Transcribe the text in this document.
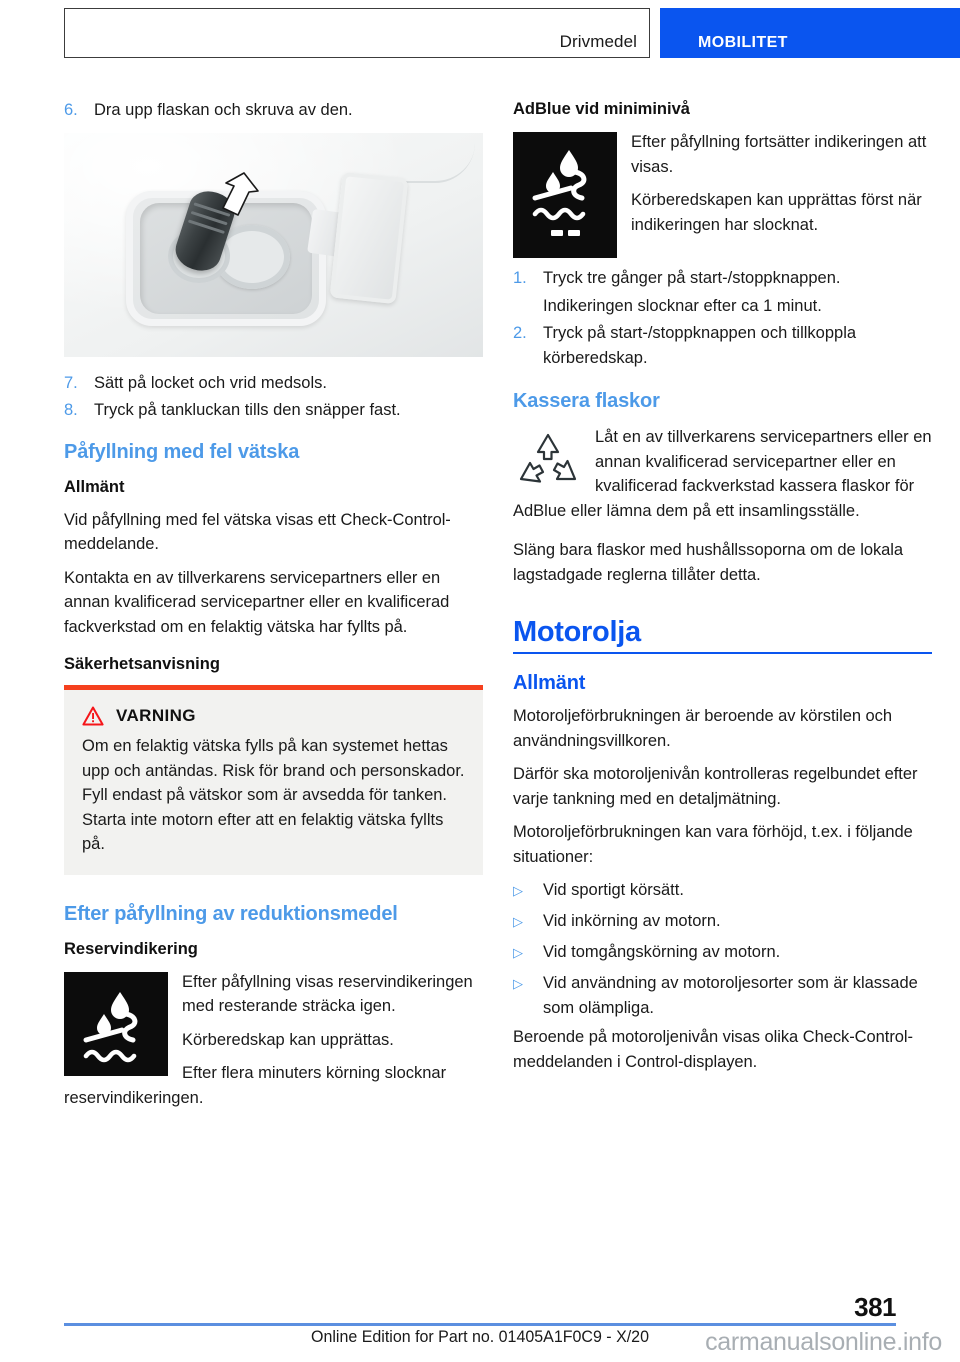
Drivmedel	MOBILITET
6. Dra upp flaskan och skruva av den.
7. Sätt på locket och vrid medsols.
8. Tryck på tankluckan tills den snäpper fast.
Påfyllning med fel vätska
Allmänt

Vid påfyllning med fel vätska visas ett Check-Control-meddelande.

Kontakta en av tillverkarens servicepartners eller en annan kvalificerad servicepartner eller en kvalificerad fackverkstad om en felaktig vätska har fyllts på.

Säkerhetsanvisning
VARNING
Om en felaktig vätska fylls på kan systemet hettas upp och antändas. Risk för brand och personskador. Fyll endast på vätskor som är avsedda för tanken. Starta inte motorn efter att en felaktig vätska fyllts på.
Efter påfyllning av reduktionsmedel
Reservindikering

Efter påfyllning visas reservindikeringen med resterande sträcka igen.

Körberedskap kan upprättas.

Efter flera minuters körning slocknar reservindikeringen.

AdBlue vid miniminivå

Efter påfyllning fortsätter indikeringen att visas.

Körberedskapen kan upprättas först när indikeringen har slocknat.

1. Tryck tre gånger på start-/stoppknappen.
Indikeringen slocknar efter ca 1 minut.
2. Tryck på start-/stoppknappen och tillkoppla körberedskap.
Kassera flaskor

Låt en av tillverkarens servicepartners eller en annan kvalificerad servicepartner eller en kvalificerad fackverkstad kassera flaskor för AdBlue eller lämna dem på ett insamlingsställe.

Släng bara flaskor med hushållssoporna om de lokala lagstadgade reglerna tillåter detta.

Motorolja
Allmänt

Motoroljeförbrukningen är beroende av körstilen och användningsvillkoren.

Därför ska motoroljenivån kontrolleras regelbundet efter varje tankning med en detaljmätning.

Motoroljeförbrukningen kan vara förhöjd, t.ex. i följande situationer:

▷	Vid sportigt körsätt.
▷	Vid inkörning av motorn.
▷	Vid tomgångskörning av motorn.
▷	Vid användning av motoroljesorter som är klassade som olämpliga.

Beroende på motoroljenivån visas olika Check-Control-meddelanden i Control-displayen.

381
Online Edition for Part no. 01405A1F0C9 - X/20	carmanualsonline.info
